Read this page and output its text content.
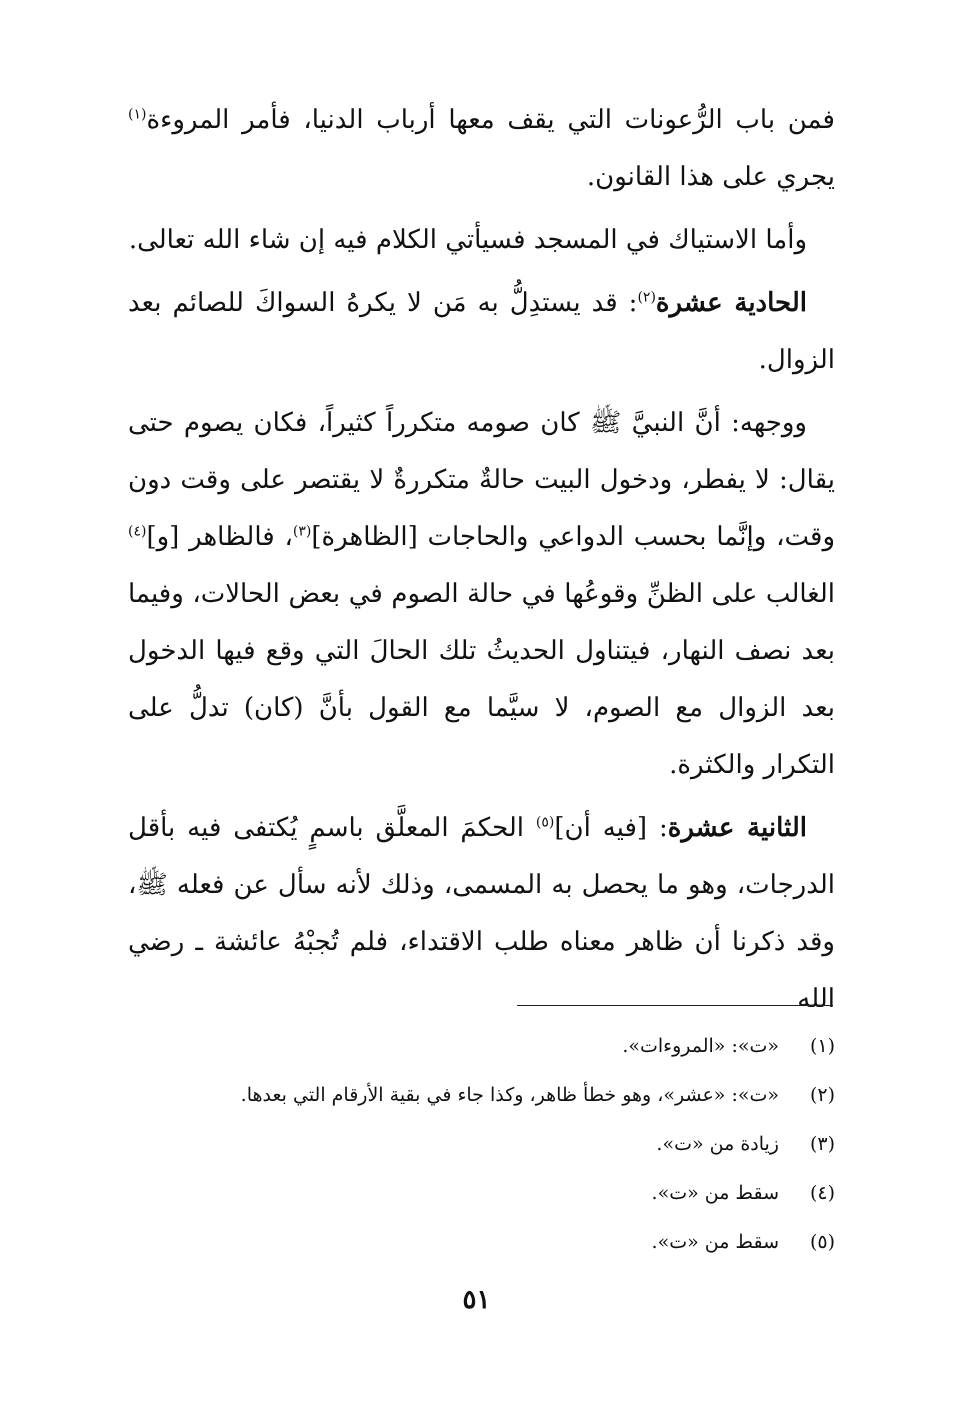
فمن باب الرُّعونات التي يقف معها أرباب الدنيا، فأمر المروءة$^{(١)}$ يجري على هذا القانون.

وأما الاستياك في المسجد فسيأتي الكلام فيه إن شاء الله تعالى.

الحادية عشرة$^{(٢)}$: قد يستدِلُّ به مَن لا يكرهُ السواكَ للصائم بعد الزوال.

ووجهه: أنَّ النبيَّ ﷺ كان صومه متكرراً كثيراً، فكان يصوم حتى يقال: لا يفطر، ودخول البيت حالةٌ متكررةٌ لا يقتصر على وقت دون وقت، وإنَّما بحسب الدواعي والحاجات [الظاهرة]$^{(٣)}$، فالظاهر [و]$^{(٤)}$ الغالب على الظنِّ وقوعُها في حالة الصوم في بعض الحالات، وفيما بعد نصف النهار، فيتناول الحديثُ تلك الحالَ التي وقع فيها الدخول بعد الزوال مع الصوم، لا سيَّما مع القول بأنَّ (كان) تدلُّ على التكرار والكثرة.

الثانية عشرة: [فيه أن]$^{(٥)}$ الحكمَ المعلَّق باسمٍ يُكتفى فيه بأقل الدرجات، وهو ما يحصل به المسمى، وذلك لأنه سأل عن فعله ﷺ، وقد ذكرنا أن ظاهر معناه طلب الاقتداء، فلم تُجبْهُ عائشة ـ رضي الله

(١)«ت»: «المروءات».

(٢)«ت»: «عشر»، وهو خطأ ظاهر، وكذا جاء في بقية الأرقام التي بعدها.

(٣)زيادة من «ت».

(٤)سقط من «ت».

(٥)سقط من «ت».

٥١
